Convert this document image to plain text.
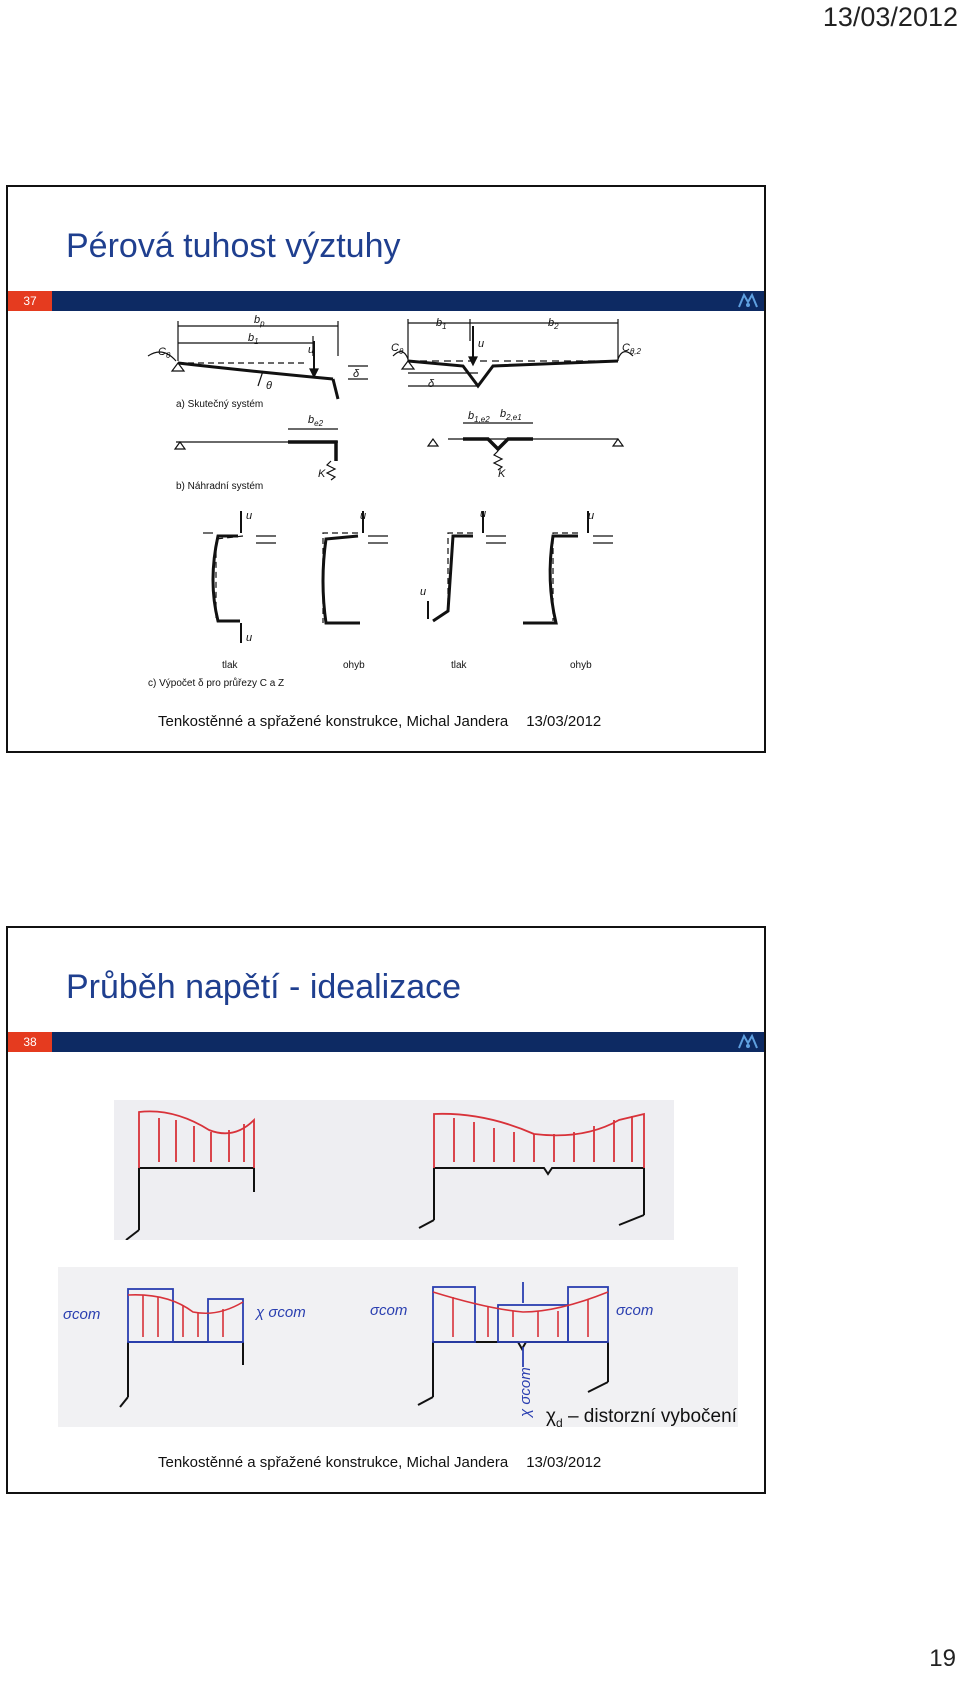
13/03/2012
Pérová tuhost výztuhy
37
$b_p$
$b_1$
u
$C_\theta$
θ
δ
a) Skutečný systém
$b_1$	$b_2$
u
$C_\theta$	$C_{\theta,2}$
δ
$b_{e2}$
$b_{1,e2}$ $b_{2,e1}$
K	K
b) Náhradní systém
u
u
u	u
u
u
tlak	ohyb	tlak	ohyb
c) Výpočet δ pro průřezy C a Z
Tenkostěnné a spřažené konstrukce, Michal Jandera 13/03/2012
Průběh napětí - idealizace
38
σcom	χ σcom	σcom	σcom
χ σcom $\chi_d$ – distorzní vybočení
Tenkostěnné a spřažené konstrukce, Michal Jandera 13/03/2012
19
